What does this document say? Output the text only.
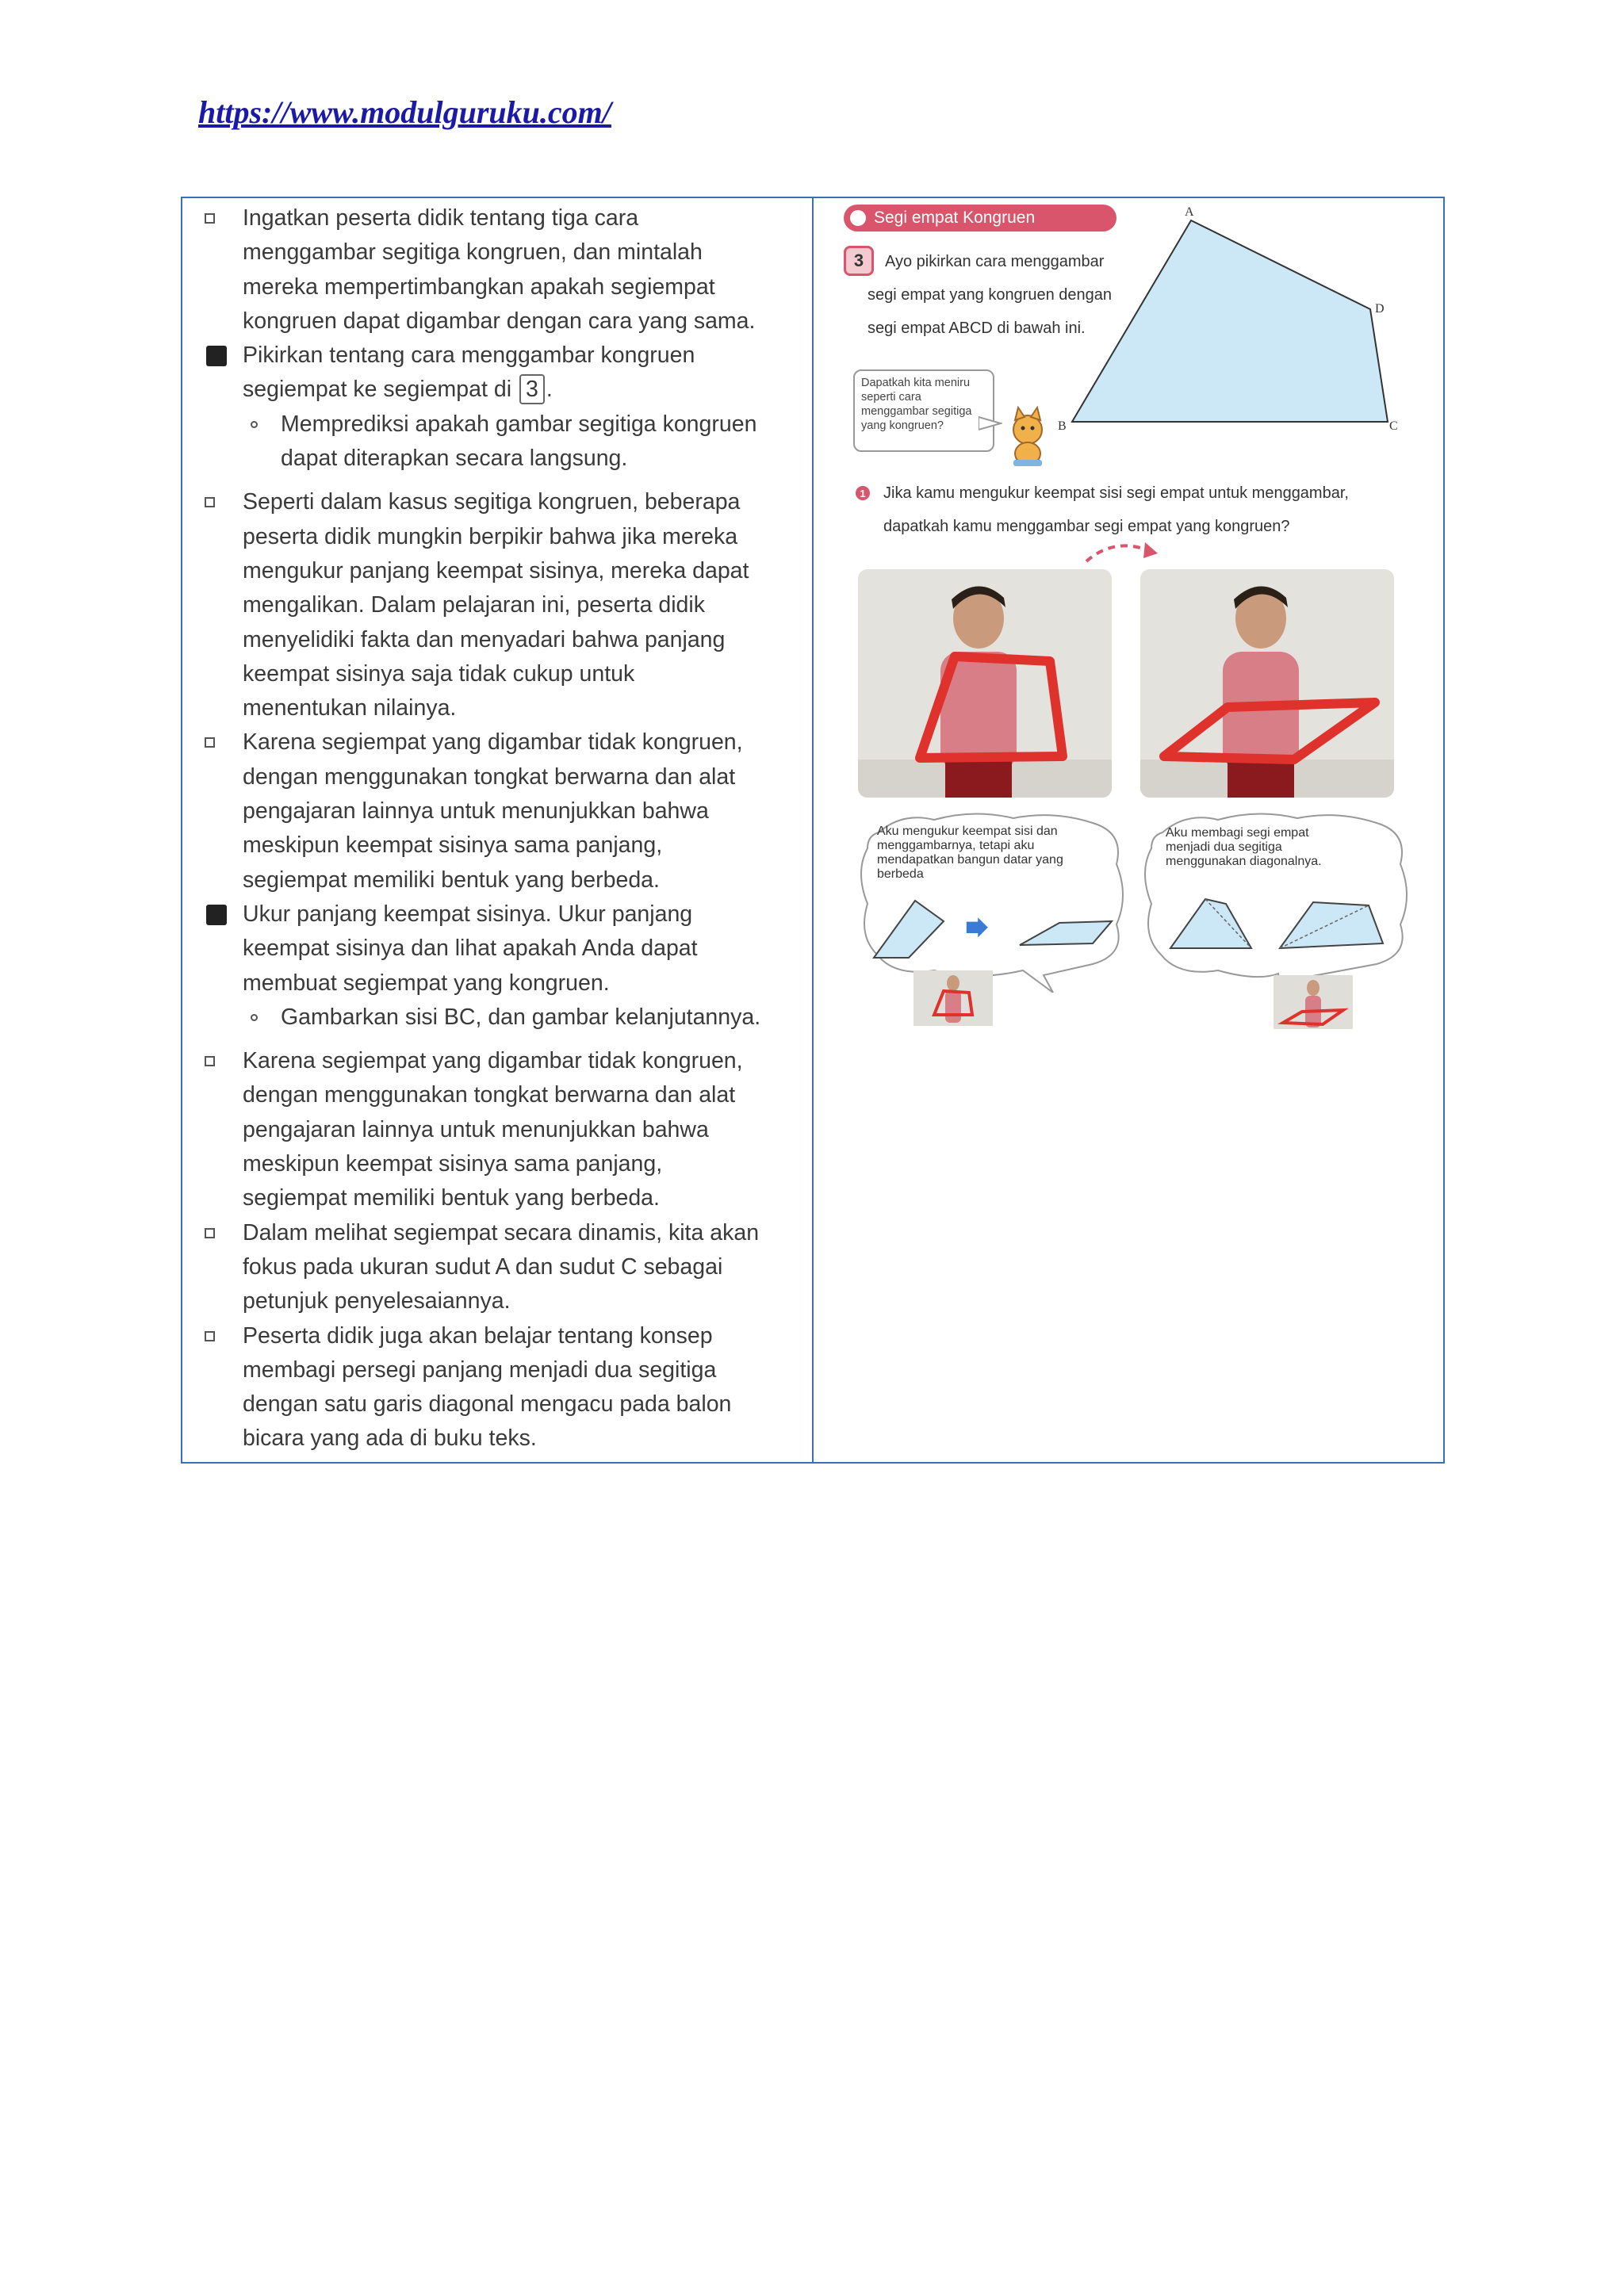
https://www.modulguruku.com/
Ingatkan peserta didik tentang tiga cara
menggambar segitiga kongruen, dan mintalah
mereka mempertimbangkan apakah segiempat
kongruen dapat digambar dengan cara yang sama.
Pikirkan tentang cara menggambar kongruen
segiempat ke segiempat di 3 .
Memprediksi apakah gambar segitiga kongruen
dapat diterapkan secara langsung.
Seperti dalam kasus segitiga kongruen, beberapa
peserta didik mungkin berpikir bahwa jika mereka
mengukur panjang keempat sisinya, mereka dapat
mengalikan. Dalam pelajaran ini, peserta didik
menyelidiki fakta dan menyadari bahwa panjang
keempat sisinya saja tidak cukup untuk
menentukan nilainya.
Karena segiempat yang digambar tidak kongruen,
dengan menggunakan tongkat berwarna dan alat
pengajaran lainnya untuk menunjukkan bahwa
meskipun keempat sisinya sama panjang,
segiempat memiliki bentuk yang berbeda.
Ukur panjang keempat sisinya. Ukur panjang
keempat sisinya dan lihat apakah Anda dapat
membuat segiempat yang kongruen.
Gambarkan sisi BC, dan gambar kelanjutannya.
Karena segiempat yang digambar tidak kongruen,
dengan menggunakan tongkat berwarna dan alat
pengajaran lainnya untuk menunjukkan bahwa
meskipun keempat sisinya sama panjang,
segiempat memiliki bentuk yang berbeda.
Dalam melihat segiempat secara dinamis, kita akan
fokus pada ukuran sudut A dan sudut C sebagai
petunjuk penyelesaiannya.
Peserta didik juga akan belajar tentang konsep
membagi persegi panjang menjadi dua segitiga
dengan satu garis diagonal mengacu pada balon
bicara yang ada di buku teks.
Segi empat Kongruen
3	Ayo pikirkan cara menggambar
segi empat yang kongruen dengan
segi empat ABCD di bawah ini.
A
D
C
B
Dapatkah kita meniru
seperti cara
menggambar segitiga
yang kongruen?
1 Jika kamu mengukur keempat sisi segi empat untuk menggambar,
dapatkah kamu menggambar segi empat yang kongruen?
Aku mengukur keempat sisi dan
menggambarnya, tetapi aku
mendapatkan bangun datar yang
berbeda
Aku membagi segi empat
menjadi dua segitiga
menggunakan diagonalnya.
